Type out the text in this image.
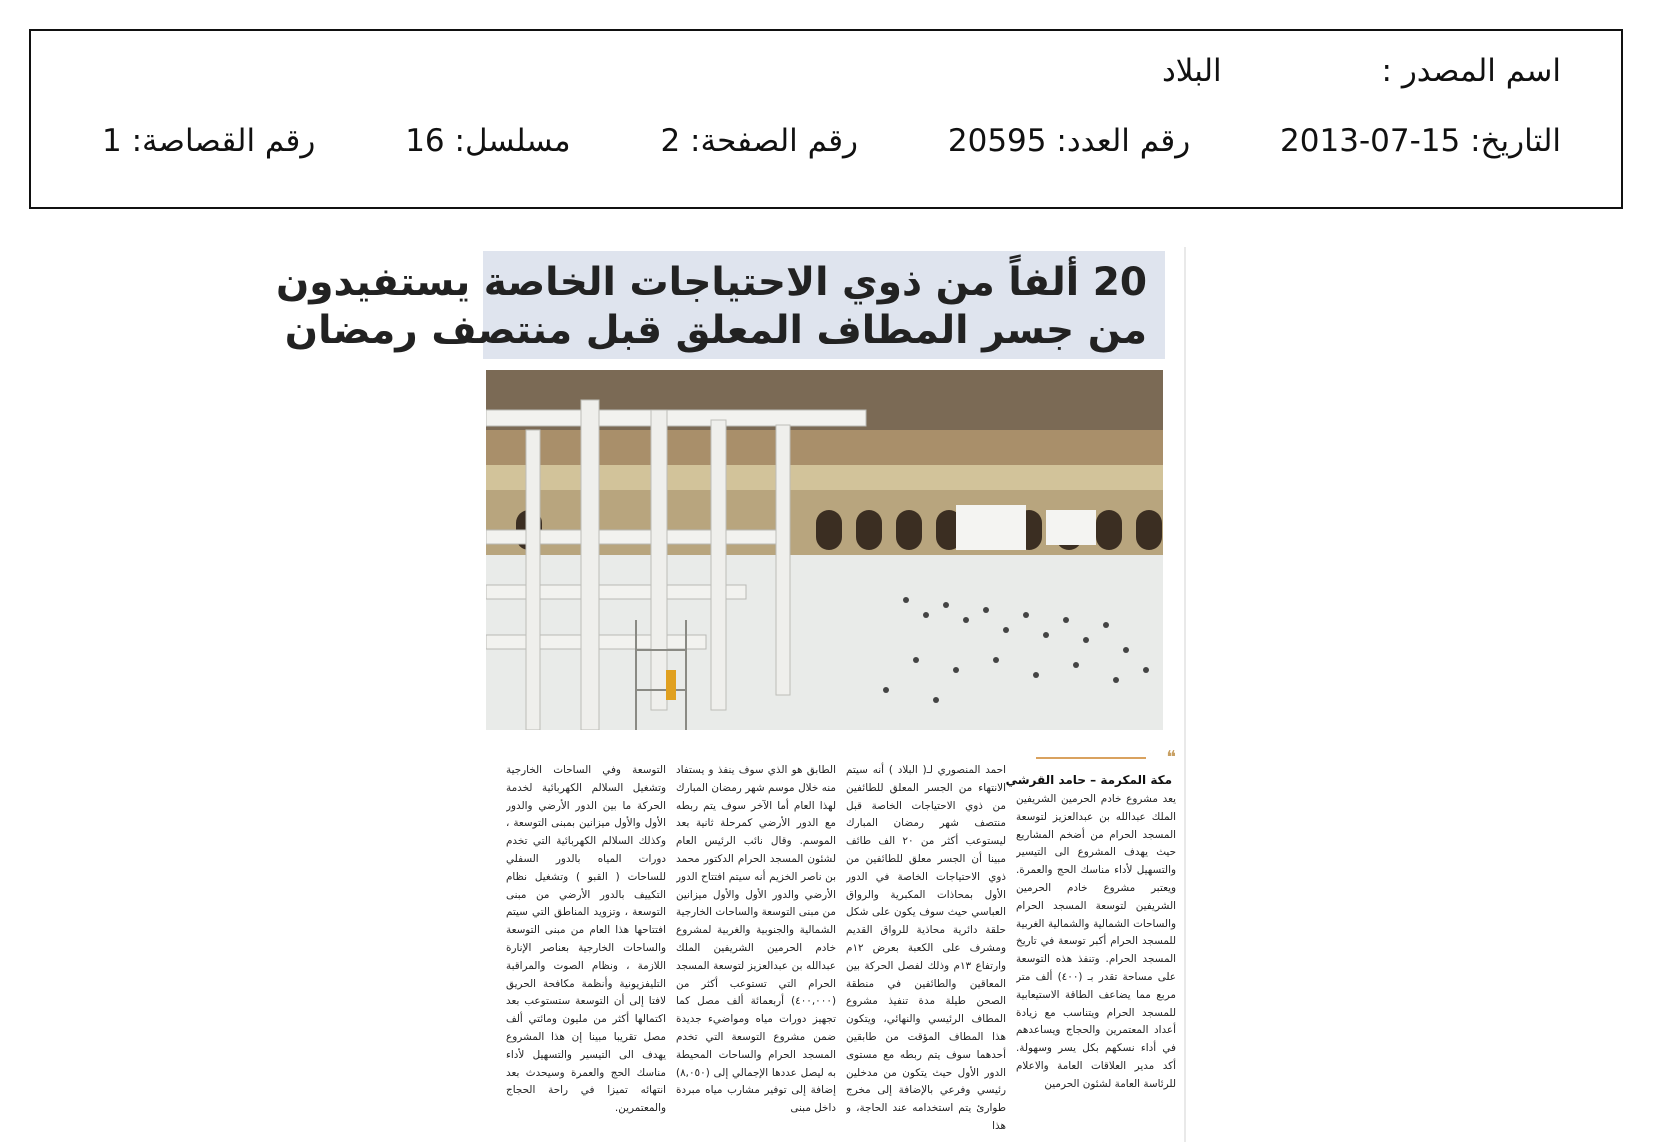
اسم المصدر : البلاد
التاريخ: 15-07-2013 رقم العدد: 20595 رقم الصفحة: 2 مسلسل: 16 رقم القصاصة: 1
20 ألفاً من ذوي الاحتياجات الخاصة يستفيدون
من جسر المطاف المعلق قبل منتصف رمضان
❝
مكة المكرمة – حامد القرشي
يعد مشروع خادم الحرمين الشريفين الملك عبدالله بن عبدالعزيز لتوسعة المسجد الحرام من أضخم المشاريع حيث يهدف المشروع الى التيسير والتسهيل لأداء مناسك الحج والعمرة. ويعتبر مشروع خادم الحرمين الشريفين لتوسعة المسجد الحرام والساحات الشمالية والشمالية الغربية للمسجد الحرام أكبر توسعة في تاريخ المسجد الحرام. وتنفذ هذه التوسعة على مساحة تقدر بـ (٤٠٠) ألف متر مربع مما يضاعف الطاقة الاستيعابية للمسجد الحرام ويتناسب مع زيادة أعداد المعتمرين والحجاج ويساعدهم في أداء نسكهم بكل يسر وسهولة. أكد مدير العلاقات العامة والاعلام للرئاسة العامة لشئون الحرمين
احمد المنصوري لـ( البلاد ) أنه سيتم الانتهاء من الجسر المعلق للطائفين من ذوي الاحتياجات الخاصة قبل منتصف شهر رمضان المبارك ليستوعب أكثر من ٢٠ الف طائف مبينا أن الجسر معلق للطائفين من ذوي الاحتياجات الخاصة في الدور الأول بمحاذات المكبرية والرواق العباسي حيث سوف يكون على شكل حلقة دائرية محاذية للرواق القديم ومشرف على الكعبة بعرض ١٢م وارتفاع ١٣م وذلك لفصل الحركة بين المعاقين والطائفين في منطقة الصحن طيلة مدة تنفيذ مشروع المطاف الرئيسي والنهائي، ويتكون هذا المطاف المؤقت من طابقين أحدهما سوف يتم ربطه مع مستوى الدور الأول حيث يتكون من مدخلين رئيسي وفرعي بالإضافة إلى مخرج طوارئ يتم استخدامه عند الحاجة، و هذا
الطابق هو الذي سوف ينفذ و يستفاد منه خلال موسم شهر رمضان المبارك لهذا العام أما الآخر سوف يتم ربطه مع الدور الأرضي كمرحلة ثانية بعد الموسم. وقال نائب الرئيس العام لشئون المسجد الحرام الدكتور محمد بن ناصر الخزيم أنه سيتم افتتاح الدور الأرضي والدور الأول والأول ميزانين من مبنى التوسعة والساحات الخارجية الشمالية والجنوبية والغربية لمشروع خادم الحرمين الشريفين الملك عبدالله بن عبدالعزيز لتوسعة المسجد الحرام التي تستوعب أكثر من (٤٠٠,٠٠٠) أربعمائة ألف مصل كما تجهيز دورات مياه ومواضيء جديدة ضمن مشروع التوسعة التي تخدم المسجد الحرام والساحات المحيطة به ليصل عددها الإجمالي إلى (٨,٠٥٠) إضافة إلى توفير مشارب مياه مبردة داخل مبنى
التوسعة وفي الساحات الخارجية وتشغيل السلالم الكهربائية لخدمة الحركة ما بين الدور الأرضي والدور الأول والأول ميزانين بمبنى التوسعة ، وكذلك السلالم الكهربائية التي تخدم دورات المياه بالدور السفلي للساحات ( القبو ) وتشغيل نظام التكييف بالدور الأرضي من مبنى التوسعة ، وتزويد المناطق التي سيتم افتتاحها هذا العام من مبنى التوسعة والساحات الخارجية بعناصر الإنارة اللازمة ، ونظام الصوت والمراقبة التليفزيونية وأنظمة مكافحة الحريق لافتا إلى أن التوسعة ستستوعب بعد اكتمالها أكثر من مليون ومائتي ألف مصل تقريبا مبينا إن هذا المشروع يهدف الى التيسير والتسهيل لأداء مناسك الحج والعمرة وسيحدث بعد انتهائه تميزا في راحة الحجاج والمعتمرين.
